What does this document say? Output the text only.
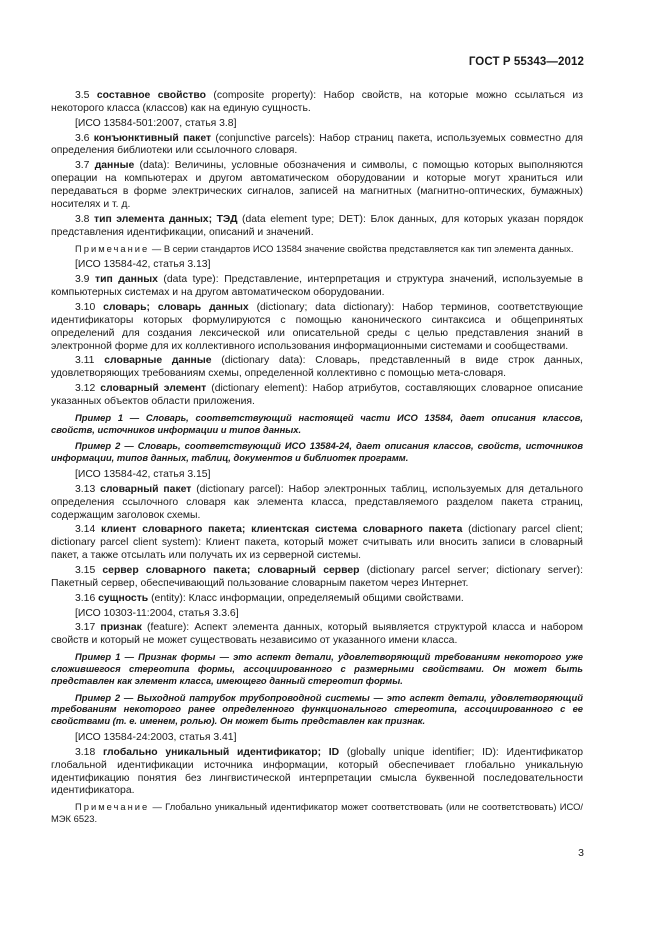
ГОСТ Р 55343—2012

3.5 составное свойство (composite property): Набор свойств, на которые можно ссылаться из некоторого класса (классов) как на единую сущность.

[ИСО 13584-501:2007, статья 3.8]

3.6 конъюнктивный пакет (conjunctive parcels): Набор страниц пакета, используемых совместно для определения библиотеки или ссылочного словаря.

3.7 данные (data): Величины, условные обозначения и символы, с помощью которых выполняются операции на компьютерах и другом автоматическом оборудовании и которые могут храниться или передаваться в форме электрических сигналов, записей на магнитных (магнитно-оптических, бумажных) носителях и т. д.

3.8 тип элемента данных; ТЭД (data element type; DET): Блок данных, для которых указан порядок представления идентификации, описаний и значений.

Примечание — В серии стандартов ИСО 13584 значение свойства представляется как тип элемента данных.

[ИСО 13584-42, статья 3.13]

3.9 тип данных (data type): Представление, интерпретация и структура значений, используемые в компьютерных системах и на другом автоматическом оборудовании.

3.10 словарь; словарь данных (dictionary; data dictionary): Набор терминов, соответствующие идентификаторы которых формулируются с помощью канонического синтаксиса и общепринятых определений для создания лексической или описательной среды с целью представления знаний в электронной форме для их коллективного использования информационными системами и сообществами.

3.11 словарные данные (dictionary data): Словарь, представленный в виде строк данных, удовлетворяющих требованиям схемы, определенной коллективно с помощью мета-словаря.

3.12 словарный элемент (dictionary element): Набор атрибутов, составляющих словарное описание указанных объектов области приложения.

Пример 1 — Словарь, соответствующий настоящей части ИСО 13584, дает описания классов, свойств, источников информации и типов данных.

Пример 2 — Словарь, соответствующий ИСО 13584-24, дает описания классов, свойств, источников информации, типов данных, таблиц, документов и библиотек программ.

[ИСО 13584-42, статья 3.15]

3.13 словарный пакет (dictionary parcel): Набор электронных таблиц, используемых для детального определения ссылочного словаря как элемента класса, представляемого разделом пакета страниц, содержащим заголовок схемы.

3.14 клиент словарного пакета; клиентская система словарного пакета (dictionary parcel client; dictionary parcel client system): Клиент пакета, который может считывать или вносить записи в словарный пакет, а также отсылать или получать их из серверной системы.

3.15 сервер словарного пакета; словарный сервер (dictionary parcel server; dictionary server): Пакетный сервер, обеспечивающий пользование словарным пакетом через Интернет.

3.16 сущность (entity): Класс информации, определяемый общими свойствами.

[ИСО 10303-11:2004, статья 3.3.6]

3.17 признак (feature): Аспект элемента данных, который выявляется структурой класса и набором свойств и который не может существовать независимо от указанного имени класса.

Пример 1 — Признак формы — это аспект детали, удовлетворяющий требованиям некоторого уже сложившегося стереотипа формы, ассоциированного с размерными свойствами. Он может быть представлен как элемент класса, имеющего данный стереотип формы.

Пример 2 — Выходной патрубок трубопроводной системы — это аспект детали, удовлетворяющий требованиям некоторого ранее определенного функционального стереотипа, ассоциированного с ее свойствами (т. е. именем, ролью). Он может быть представлен как признак.

[ИСО 13584-24:2003, статья 3.41]

3.18 глобально уникальный идентификатор; ID (globally unique identifier; ID): Идентификатор глобальной идентификации источника информации, который обеспечивает глобально уникальную идентификацию понятия без лингвистической интерпретации смысла буквенной последовательности идентификатора.

Примечание — Глобально уникальный идентификатор может соответствовать (или не соответствовать) ИСО/МЭК 6523.

3
